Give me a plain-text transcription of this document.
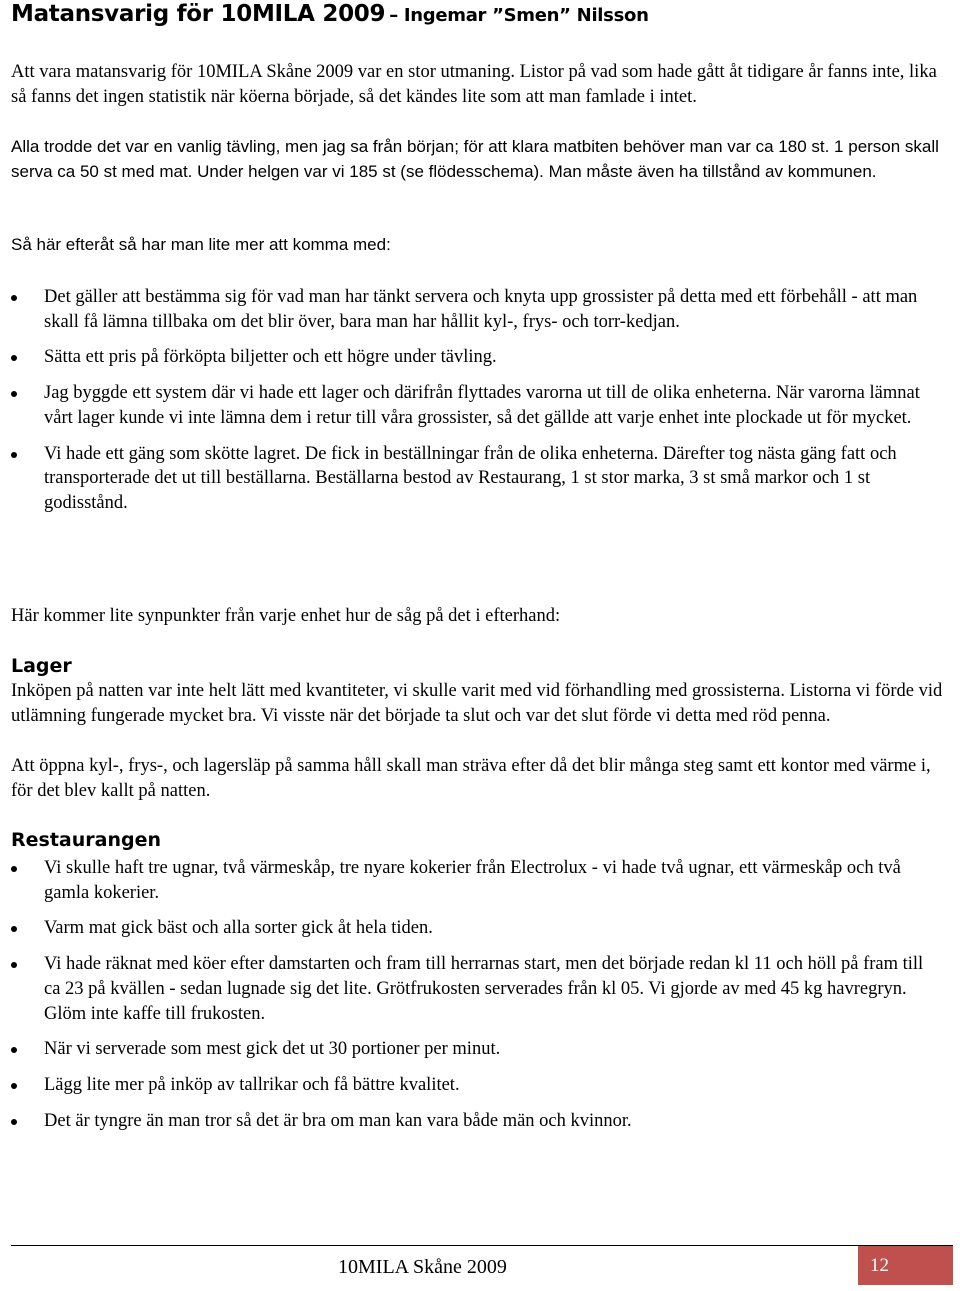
Matansvarig för 10MILA 2009 – Ingemar ”Smen” Nilsson

Att vara matansvarig för 10MILA Skåne 2009 var en stor utmaning. Listor på vad som hade gått åt tidigare år fanns inte, lika så fanns det ingen statistik när köerna började, så det kändes lite som att man famlade i intet.

Alla trodde det var en vanlig tävling, men jag sa från början; för att klara matbiten behöver man var ca 180 st. 1 person skall serva ca 50 st med mat. Under helgen var vi 185 st (se flödesschema). Man måste även ha tillstånd av kommunen.

Så här efteråt så har man lite mer att komma med:

Det gäller att bestämma sig för vad man har tänkt servera och knyta upp grossister på detta med ett förbehåll - att man skall få lämna tillbaka om det blir över, bara man har hållit kyl-, frys- och torr-kedjan.
Sätta ett pris på förköpta biljetter och ett högre under tävling.
Jag byggde ett system där vi hade ett lager och därifrån flyttades varorna ut till de olika enheterna. När varorna lämnat vårt lager kunde vi inte lämna dem i retur till våra grossister, så det gällde att varje enhet inte plockade ut för mycket.
Vi hade ett gäng som skötte lagret. De fick in beställningar från de olika enheterna. Därefter tog nästa gäng fatt och transporterade det ut till beställarna. Beställarna bestod av Restaurang, 1 st stor marka, 3 st små markor och 1 st godisstånd.

Här kommer lite synpunkter från varje enhet hur de såg på det i efterhand:

Lager

Inköpen på natten var inte helt lätt med kvantiteter, vi skulle varit med vid förhandling med grossisterna. Listorna vi förde vid utlämning fungerade mycket bra. Vi visste när det började ta slut och var det slut förde vi detta med röd penna.

Att öppna kyl-, frys-, och lagersläp på samma håll skall man sträva efter då det blir många steg samt ett kontor med värme i, för det blev kallt på natten.

Restaurangen
Vi skulle haft tre ugnar, två värmeskåp, tre nyare kokerier från Electrolux - vi hade två ugnar, ett värmeskåp och två gamla kokerier.
Varm mat gick bäst och alla sorter gick åt hela tiden.
Vi hade räknat med köer efter damstarten och fram till herrarnas start, men det började redan kl 11 och höll på fram till ca 23 på kvällen - sedan lugnade sig det lite. Grötfrukosten serverades från kl 05. Vi gjorde av med 45 kg havregryn. Glöm inte kaffe till frukosten.
När vi serverade som mest gick det ut 30 portioner per minut.
Lägg lite mer på inköp av tallrikar och få bättre kvalitet.
Det är tyngre än man tror så det är bra om man kan vara både män och kvinnor.
10MILA Skåne 2009	12
